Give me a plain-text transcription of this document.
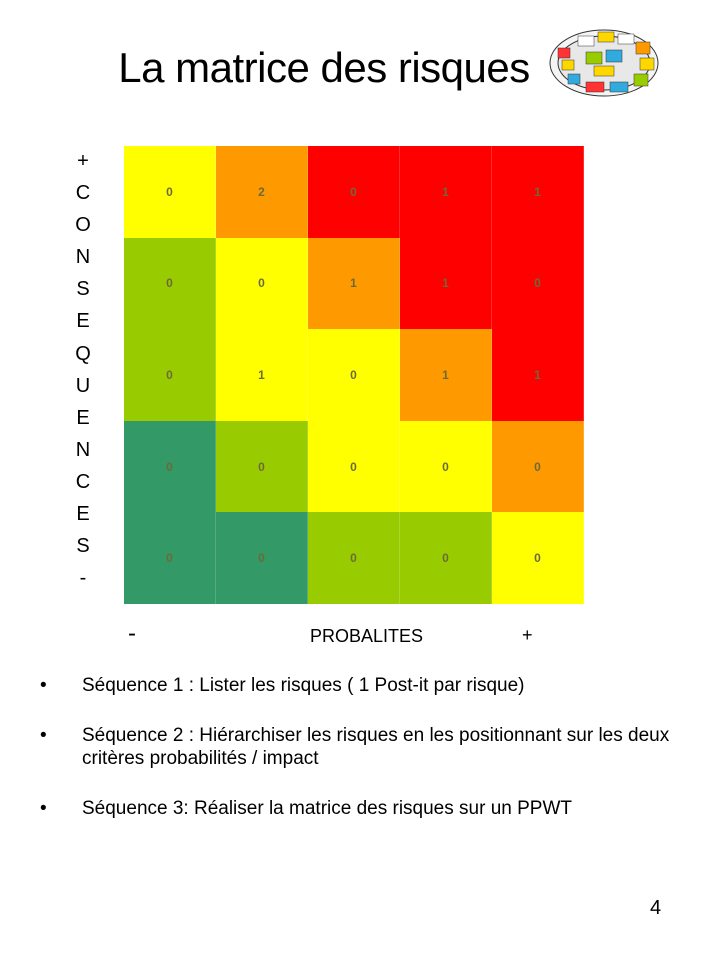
La matrice des risques
+
C
O
N
S
E
Q
U
E
N
C
E
S
-
0	2	0	1	1
0	0	1	1	0
0	1	0	1	1
0	0	0	0	0
0	0	0	0	0
-	PROBALITES	+
• Séquence 1 : Lister les risques ( 1 Post-it par risque)
• Séquence 2 : Hiérarchiser les risques en les positionnant sur les deux critères probabilités / impact
• Séquence 3: Réaliser la matrice des risques sur un PPWT
4
